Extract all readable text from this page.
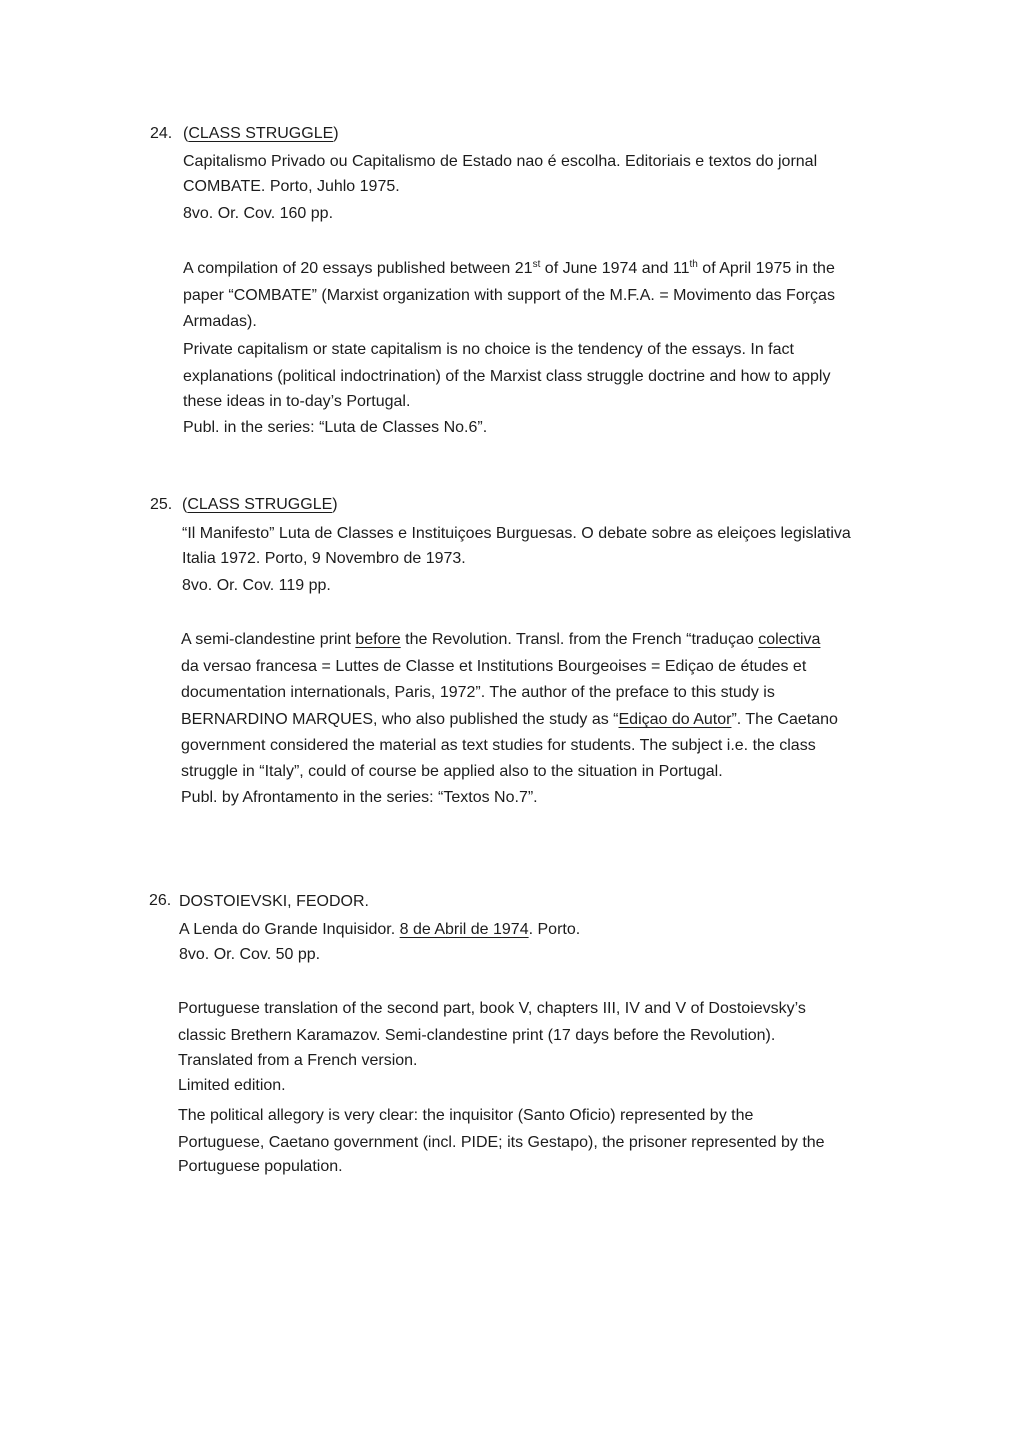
24. (CLASS STRUGGLE)
Capitalismo Privado ou Capitalismo de Estado nao é escolha. Editoriais e textos do jornal
COMBATE. Porto, Juhlo 1975.
8vo. Or. Cov. 160 pp.
A compilation of 20 essays published between 21st of June 1974 and 11th of April 1975 in the
paper “COMBATE” (Marxist organization with support of the M.F.A. = Movimento das Forças
Armadas).
Private capitalism or state capitalism is no choice is the tendency of the essays. In fact
explanations (political indoctrination) of the Marxist class struggle doctrine and how to apply
these ideas in to-day’s Portugal.
Publ. in the series: “Luta de Classes No.6”.
25. (CLASS STRUGGLE)
“Il Manifesto” Luta de Classes e Instituiçoes Burguesas. O debate sobre as eleiçoes legislativa
Italia 1972. Porto, 9 Novembro de 1973.
8vo. Or. Cov. 119 pp.
A semi-clandestine print before the Revolution. Transl. from the French “traduçao colectiva
da versao francesa = Luttes de Classe et Institutions Bourgeoises = Ediçao de études et
documentation internationals, Paris, 1972”. The author of the preface to this study is
BERNARDINO MARQUES, who also published the study as “Ediçao do Autor”. The Caetano
government considered the material as text studies for students. The subject i.e. the class
struggle in “Italy”, could of course be applied also to the situation in Portugal.
Publ. by Afrontamento in the series: “Textos No.7”.
26. DOSTOIEVSKI, FEODOR.
A Lenda do Grande Inquisidor. 8 de Abril de 1974. Porto.
8vo. Or. Cov. 50 pp.
Portuguese translation of the second part, book V, chapters III, IV and V of Dostoievsky’s
classic Brethern Karamazov. Semi-clandestine print (17 days before the Revolution).
Translated from a French version.
Limited edition.
The political allegory is very clear: the inquisitor (Santo Oficio) represented by the
Portuguese, Caetano government (incl. PIDE; its Gestapo), the prisoner represented by the
Portuguese population.
